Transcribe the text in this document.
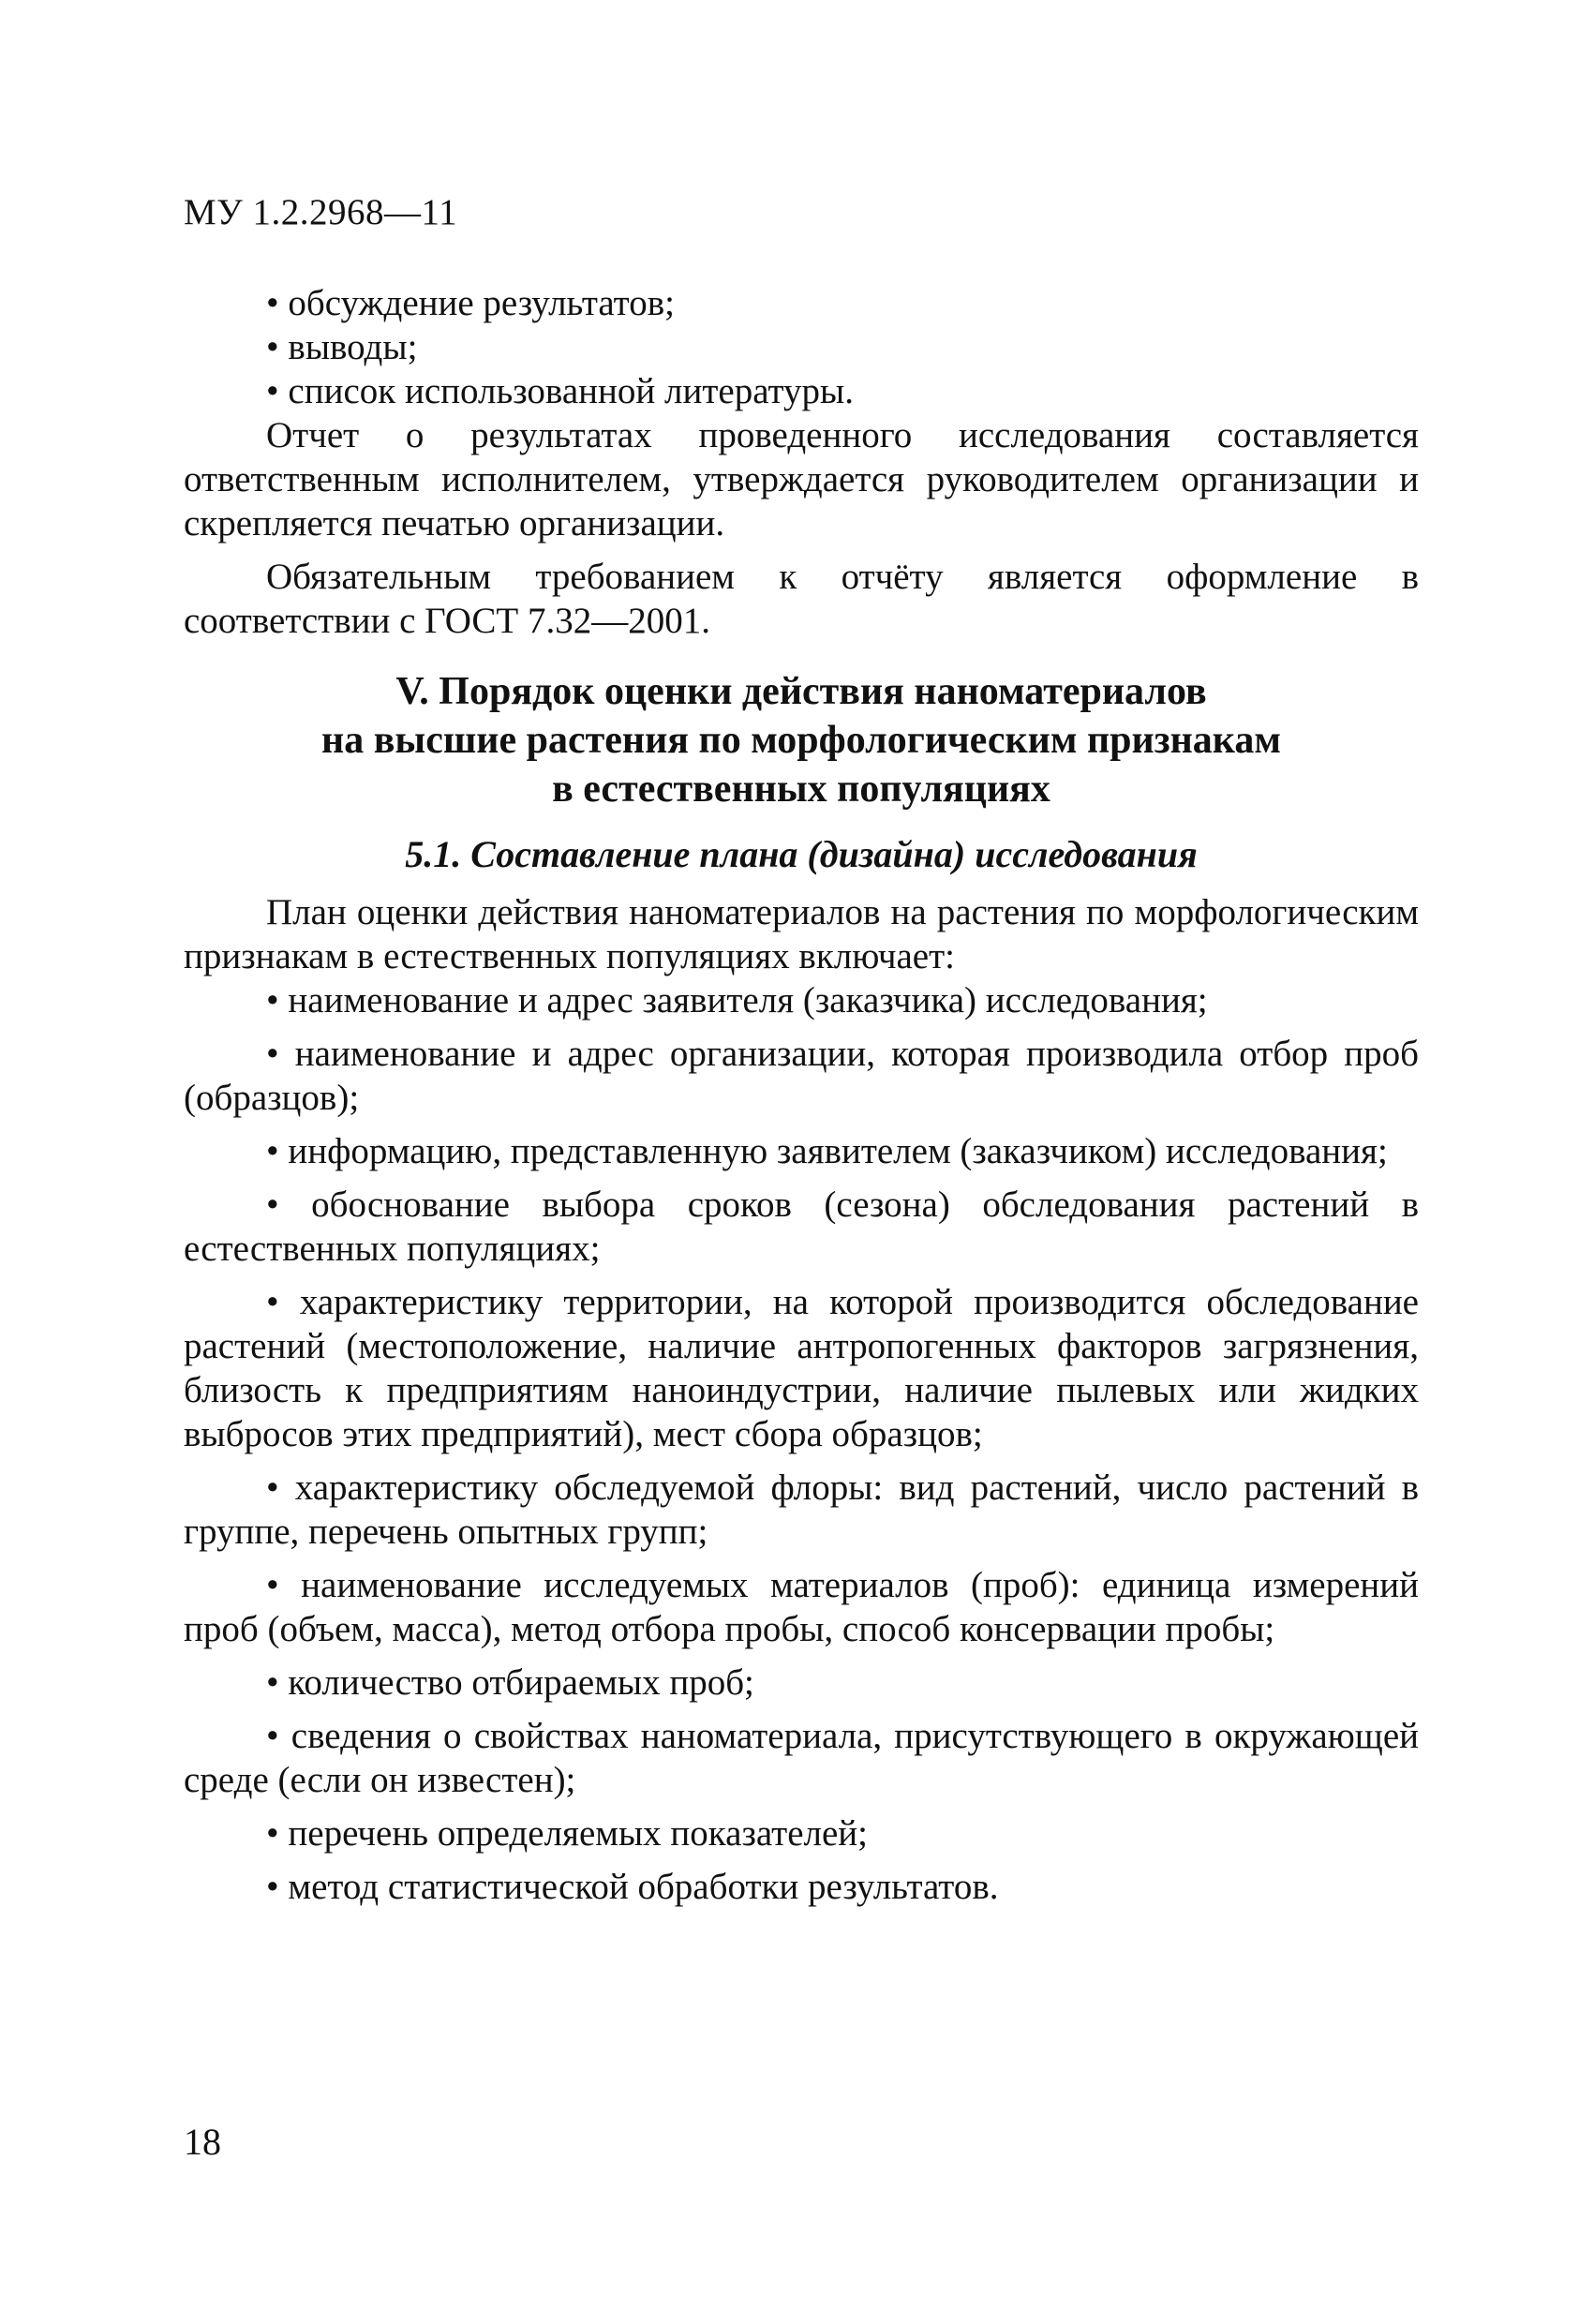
МУ 1.2.2968—11

• обсуждение результатов;

• выводы;

• список использованной литературы.

Отчет о результатах проведенного исследования составляется ответственным исполнителем, утверждается руководителем организации и скрепляется печатью организации.

Обязательным требованием к отчёту является оформление в соответствии с ГОСТ 7.32—2001.

V. Порядок оценки действия наноматериалов
на высшие растения по морфологическим признакам
в естественных популяциях
5.1. Составление плана (дизайна) исследования

План оценки действия наноматериалов на растения по морфологическим признакам в естественных популяциях включает:

• наименование и адрес заявителя (заказчика) исследования;

• наименование и адрес организации, которая производила отбор проб (образцов);

• информацию, представленную заявителем (заказчиком) исследования;

• обоснование выбора сроков (сезона) обследования растений в естественных популяциях;

• характеристику территории, на которой производится обследование растений (местоположение, наличие антропогенных факторов загрязнения, близость к предприятиям наноиндустрии, наличие пылевых или жидких выбросов этих предприятий), мест сбора образцов;

• характеристику обследуемой флоры: вид растений, число растений в группе, перечень опытных групп;

• наименование исследуемых материалов (проб): единица измерений проб (объем, масса), метод отбора пробы, способ консервации пробы;

• количество отбираемых проб;

• сведения о свойствах наноматериала, присутствующего в окружающей среде (если он известен);

• перечень определяемых показателей;

• метод статистической обработки результатов.

18
